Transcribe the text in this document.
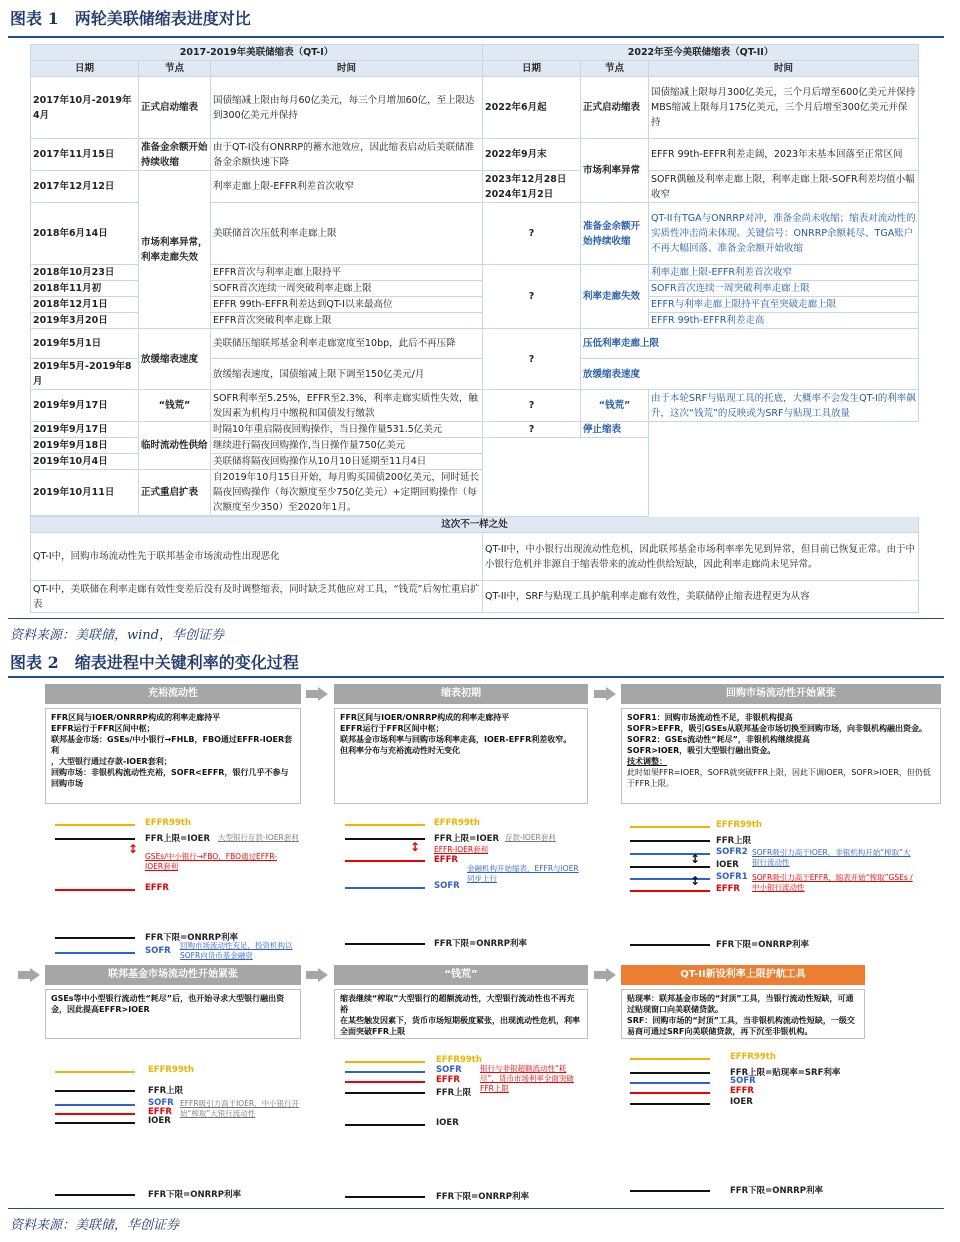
图表 1 两轮美联储缩表进度对比
2017-2019年美联储缩表（QT-I）			2022年至今美联储缩表（QT-II）		
日期	节点	时间	日期	节点	时间
2017年10月-2019年4月	正式启动缩表	国债缩减上限由每月60亿美元，每三个月增加60亿，至上限达到300亿美元并保持	2022年6月起	正式启动缩表	国债缩减上限每月300亿美元，三个月后增至600亿美元并保持 MBS缩减上限每月175亿美元，三个月后增至300亿美元并保持
2017年11月15日	准备金余额开始持续收缩	由于QT-I没有ONRRP的蓄水池效应，因此缩表启动后美联储准备金余额快速下降	2022年9月末	市场利率异常	EFFR 99th-EFFR利差走阔，2023年末基本回落至正常区间
2017年12月12日	市场利率异常，利率走廊失效	利率走廊上限-EFFR利差首次收窄	2023年12月28日 2024年1月2日		SOFR偶触及利率走廊上限，利率走廊上限-SOFR利差均值小幅收窄
2018年6月14日		美联储首次压低利率走廊上限	?	准备金余额开始持续收缩	QT-II有TGA与ONRRP对冲，准备金尚未收缩；缩表对流动性的实质性冲击尚未体现。关键信号：ONRRP余额耗尽、TGA账户不再大幅回落、准备金余额开始收缩
2018年10月23日		EFFR首次与利率走廊上限持平	?	利率走廊失效	利率走廊上限-EFFR利差首次收窄
2018年11月初		SOFR首次连续一周突破利率走廊上限			SOFR首次连续一周突破利率走廊上限
2018年12月1日		EFFR 99th-EFFR利差达到QT-I以来最高位			EFFR与利率走廊上限持平直至突破走廊上限
2019年3月20日		EFFR首次突破利率走廊上限			EFFR 99th-EFFR利差走高
2019年5月1日	放缓缩表速度	美联储压缩联邦基金利率走廊宽度至10bp，此后不再压降	?	压低利率走廊上限	
2019年5月-2019年8月		放缓缩表速度，国债缩减上限下调至150亿美元/月		放缓缩表速度	
2019年9月17日	“钱荒”	SOFR利率至5.25%，EFFR至2.3%，利率走廊实质性失效，触发因素为机构月中缴税和国债发行缴款	?	“钱荒”	由于本轮SRF与贴现工具的托底，大概率不会发生QT-I的利率飙升，这次“钱荒”的反映或为SRF与贴现工具放量
2019年9月17日	临时流动性供给	时隔10年重启隔夜回购操作，当日操作量531.5亿美元	?	停止缩表	
2019年9月18日		继续进行隔夜回购操作,当日操作量750亿美元			
2019年10月4日		美联储将隔夜回购操作从10月10日延期至11月4日			
2019年10月11日	正式重启扩表	自2019年10月15日开始，每月购买国债200亿美元，同时延长隔夜回购操作（每次额度至少750亿美元）+定期回购操作（每次额度至少350）至2020年1月。			

这次不一样之处					
QT-I中，回购市场流动性先于联邦基金市场流动性出现恶化			QT-II中，中小银行出现流动性危机，因此联邦基金市场利率率先见到异常，但目前已恢复正常。由于中小银行危机并非源自于缩表带来的流动性供给短缺，因此利率走廊尚未见异常。		
QT-I中，美联储在利率走廊有效性变差后没有及时调整缩表，同时缺乏其他应对工具，“钱荒”后匆忙重启扩表			QT-II中，SRF与贴现工具护航利率走廊有效性，美联储停止缩表进程更为从容		
资料来源：美联储，wind，华创证券
图表 2 缩表进程中关键利率的变化过程
充裕流动性
FFR区间与IOER/ONRRP构成的利率走廊持平
EFFR运行于FFR区间中枢；
联邦基金市场：GSEs/中小银行→FHLB，FBO通过EFFR-IOER套利
，大型银行通过存款-IOER套利；
回购市场：非银机构流动性充裕，SOFR<EFFR，银行几乎不参与回购市场
EFFR99th
FFR上限=IOER 大型银行存款-IOER套利
↕
GSEs/中小银行→FBO，FBO通过EFFR-IOER套利
EFFR
FFR下限=ONRRP利率
SOFR
回购市场流动性充足，投资机构以SOFR向货币基金融资
缩表初期
FFR区间与IOER/ONRRP构成的利率走廊持平
EFFR运行于FFR区间中枢；
联邦基金市场利率与回购市场利率走高，IOER-EFFR利差收窄。
但利率分布与充裕流动性时无变化
EFFR99th
FFR上限=IOER 存款-IOER套利
↕ EFFR-IOER套利
EFFR
金融机构开始缩表，EFFR与IOER同步上行
SOFR
FFR下限=ONRRP利率
回购市场流动性开始紧张
SOFR1：回购市场流动性不足，非银机构提高
SOFR>EFFR，吸引GSEs从联邦基金市场切换至回购市场，向非银机构融出资金。
SOFR2：GSEs流动性“耗尽”，非银机构继续提高
SOFR>IOER，吸引大型银行融出资金。
技术调整：
此时如果FFR=IOER，SOFR就突破FFR上限，因此下调IOER，SOFR>IOER，但仍低于FFR上限。
EFFR99th
FFR上限
SOFR2 SOFR吸引力高于IOER，非银机构开始“榨取”大银行流动性
↕ IOER
SOFR1 SOFR吸引力高于EFFR，缩表开始“榨取”GSEs /中小银行流动性
↕
EFFR
FFR下限=ONRRP利率
联邦基金市场流动性开始紧张
GSEs等中小型银行流动性“耗尽”后，也开始寻求大型银行融出资金，因此提高EFFR>IOER
EFFR99th
FFR上限
SOFR
EFFR
IOER
EFFR吸引力高于IOER，中小银行开始“榨取”大银行流动性
FFR下限=ONRRP利率
“钱荒”
缩表继续“榨取”大型银行的超额流动性，大型银行流动性也不再充裕
在某些触发因素下，货币市场短期极度紧张，出现流动性危机，利率全面突破FFR上限
EFFR99th
SOFR
EFFR
FFR上限
银行与非银超额流动性“耗尽”，货币市场利率全面突破FFR上限
IOER
FFR下限=ONRRP利率
QT-II新设利率上限护航工具
贴现率：联邦基金市场的“封顶”工具，当银行流动性短缺，可通过贴现窗口向美联储贷款。
SRF：回购市场的“封顶”工具，当非银机构流动性短缺，一级交易商可通过SRF向美联储贷款，再下沉至非银机构。
EFFR99th
FFR上限=贴现率=SRF利率
SOFR
EFFR
IOER
FFR下限=ONRRP利率
资料来源：美联储，华创证券
